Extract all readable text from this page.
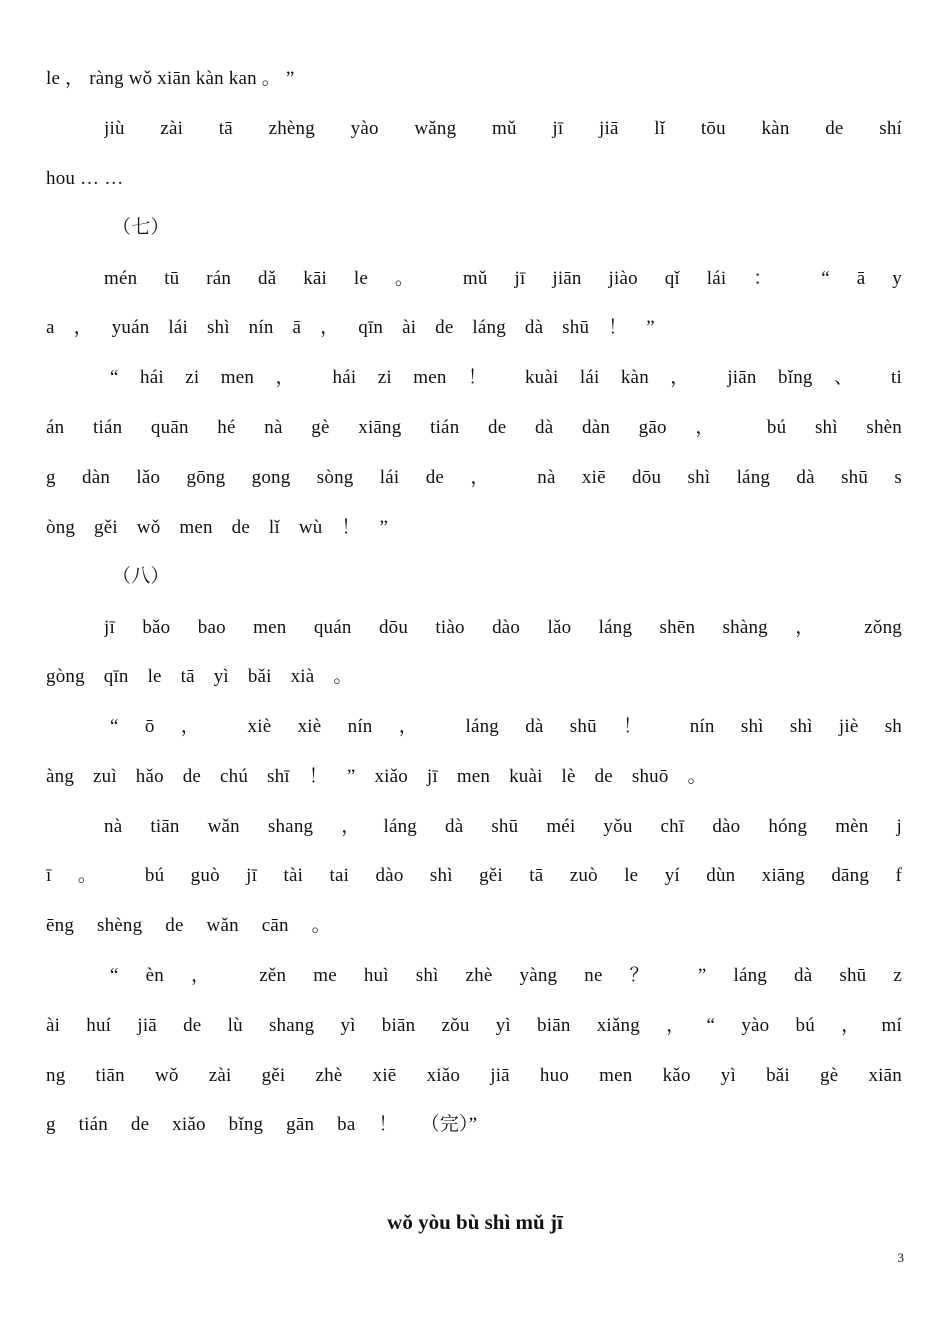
le ， ràng wǒ xiān kàn kan 。 ”
jiù zài tā zhèng yào wǎng mǔ jī jiā lǐ tōu kàn de shí
hou … …
（七）
mén tū rán dǎ kāi le 。 mǔ jī jiān jiào qǐ lái ： “ ā y
a ， yuán lái shì nín ā ， qīn ài de láng dà shū ！ ”
“ hái zi men ， hái zi men ！ kuài lái kàn ， jiān bǐng 、 ti
án tián quān hé nà gè xiāng tián de dà dàn gāo ， bú shì shèn
g dàn lǎo gōng gong sòng lái de ， nà xiē dōu shì láng dà shū s
òng gěi wǒ men de lǐ wù ！ ”
（八）
jī bǎo bao men quán dōu tiào dào lǎo láng shēn shàng ， zǒng
gòng qīn le tā yì bǎi xià 。
“ ō ， xiè xiè nín ， láng dà shū ！ nín shì shì jiè sh
àng zuì hǎo de chú shī ！ ” xiǎo jī men kuài lè de shuō 。
nà tiān wǎn shang ，láng dà shū méi yǒu chī dào hóng mèn j
ī 。 bú guò jī tài tai dào shì gěi tā zuò le yí dùn xiāng dāng f
ēng shèng de wǎn cān 。
“ èn ， zěn me huì shì zhè yàng ne ？ ” láng dà shū z
ài huí jiā de lù shang yì biān zǒu yì biān xiǎng ，“ yào bú ，mí
ng tiān wǒ zài gěi zhè xiē xiǎo jiā huo men kǎo yì bǎi gè xiān
g tián de xiǎo bǐng gān ba ！ （完）”
wǒ yòu bù shì mǔ jī
3
